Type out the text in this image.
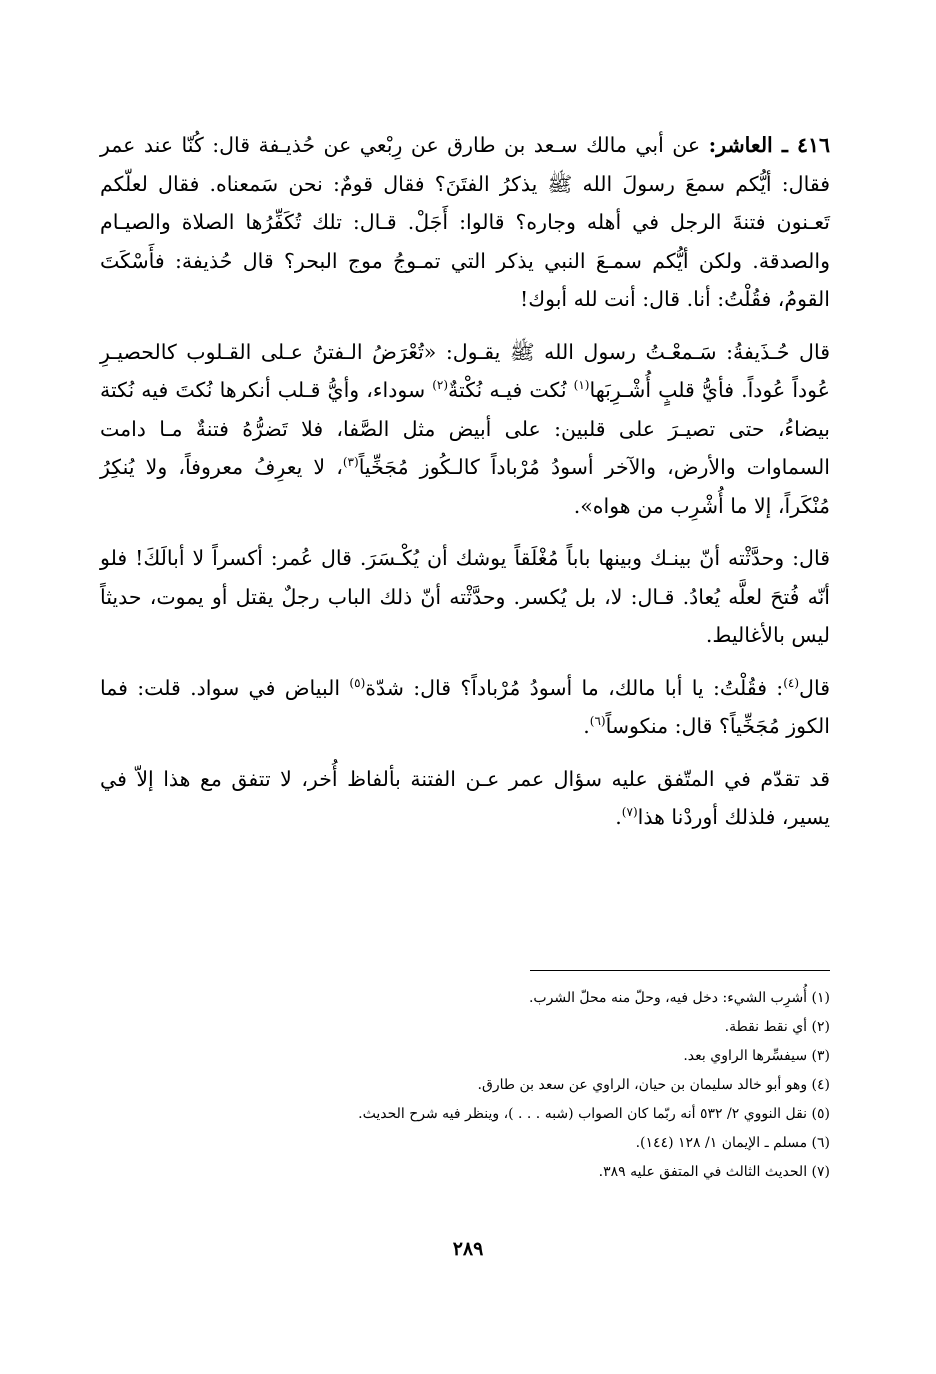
٤١٦ ـ العاشر: عن أبي مالك سـعد بن طارق عن رِبْعي عن حُذيـفة قال: كُنّا عند عمر فقال: أيُّكم سمعَ رسولَ الله ﷺ يذكرُ الفتَنَ؟ فقال قومٌ: نحن سَمعناه. فقال لعلّكم تَعـنون فتنةَ الرجل في أهله وجاره؟ قالوا: أَجَلْ. قـال: تلك تُكَفِّرُها الصلاة والصيـام والصدقة. ولكن أيُّكم سمـعَ النبي يذكر التي تمـوجُ موج البحر؟ قال حُذيفة: فأَسْكَتَ القومُ، فقُلْتُ: أنا. قال: أنت لله أبوك!

قال حُـذَيفةُ: سَـمعْـتُ رسول الله ﷺ يقـول: «تُعْرَضُ الـفتنُ عـلى القـلوب كالحصيـرِ عُوداً عُوداً. فأيُّ قلبٍ أُشْـرِبَها$^{(١)}$ نُكت فيـه نُكْتةٌ$^{(٢)}$ سوداء، وأيُّ قـلب أنكرها نُكتَ فيه نُكتة بيضاءُ، حتى تصيـرَ على قلبين: على أبيض مثل الصَّفا، فلا تَضرُّهُ فتنةٌ مـا دامت السماوات والأرض، والآخر أسودُ مُرْباداً كالـكُوز مُجَخِّياً$^{(٣)}$، لا يعرِفُ معروفاً، ولا يُنكِرُ مُنْكَراً، إلا ما أُشْرِب من هواه».

قال: وحدَّثْته أنّ بينـك وبينها باباً مُغْلَقاً يوشك أن يُكْـسَرَ. قال عُمر: أكسراً لا أبالَكَ! فلو أنّه فُتحَ لعلَّه يُعادُ. قـال: لا، بل يُكسر. وحدَّثْته أنّ ذلك الباب رجلٌ يقتل أو يموت، حديثاً ليس بالأغاليط.

قال$^{(٤)}$: فقُلْتُ: يا أبا مالك، ما أسودُ مُرْباداً؟ قال: شدّة$^{(٥)}$ البياض في سواد. قلت: فما الكوز مُجَخِّياً؟ قال: منكوساً$^{(٦)}$.

قد تقدّم في المتّفق عليه سؤال عمر عـن الفتنة بألفاظ أُخر، لا تتفق مع هذا إلاّ في يسير، فلذلك أوردْنا هذا$^{(٧)}$.

(١) أُشرِب الشيء: دخل فيه، وحلّ منه محلّ الشرب.
(٢) أي نقط نقطة.
(٣) سيفسِّرها الراوي بعد.
(٤) وهو أبو خالد سليمان بن حيان، الراوي عن سعد بن طارق.
(٥) نقل النووي ٢/ ٥٣٢ أنه ربّما كان الصواب (شبه . . . )، وينظر فيه شرح الحديث.
(٦) مسلم ـ الإيمان ١/ ١٢٨ (١٤٤).
(٧) الحديث الثالث في المتفق عليه ٣٨٩.
٢٨٩
